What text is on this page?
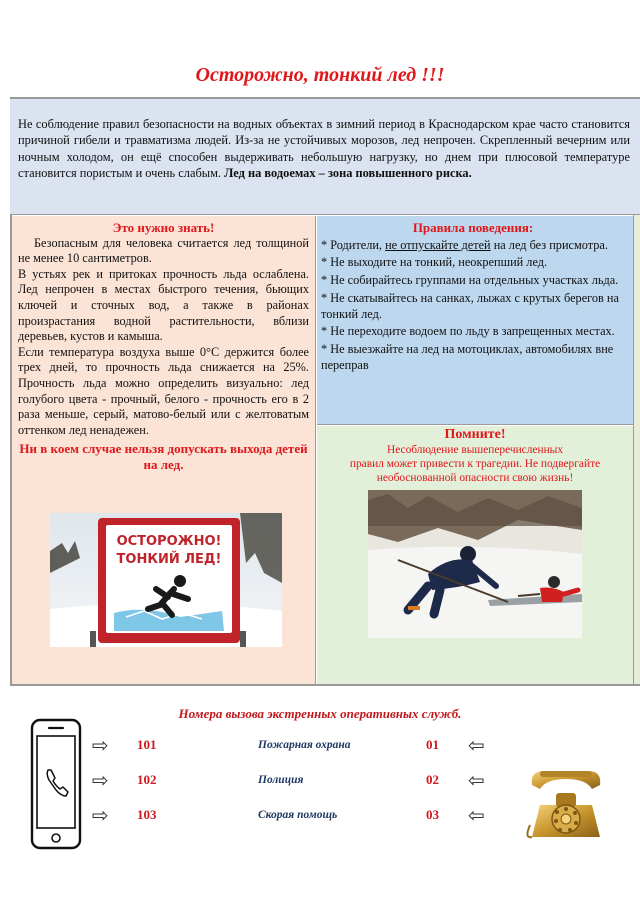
Осторожно, тонкий лед !!!
Не соблюдение правил безопасности на водных объектах в зимний период в Краснодарском крае часто становится причиной гибели и травматизма людей. Из-за не устойчивых морозов, лед непрочен. Скрепленный вечерним или ночным холодом, он ещё способен выдерживать небольшую нагрузку, но днем при плюсовой температуре становится пористым и очень слабым. Лед на водоемах – зона повышенного риска.
Это нужно знать!
Безопасным для человека считается лед толщиной не менее 10 сантиметров.
В устьях рек и притоках прочность льда ослаблена. Лед непрочен в местах быстрого течения, бьющих ключей и сточных вод, а также в районах произрастания водной растительности, вблизи деревьев, кустов и камыша.
Если температура воздуха выше 0°С держится более трех дней, то прочность льда снижается на 25%. Прочность льда можно определить визуально: лед голубого цвета - прочный, белого - прочность его в 2 раза меньше, серый, матово-белый или с желтоватым оттенком лед ненадежен.
Ни в коем случае нельзя допускать выхода детей на лед.
ОСТОРОЖНО!
ТОНКИЙ ЛЕД!
Правила поведения:
* Родители, не отпускайте детей на лед без присмотра.
* Не выходите на тонкий, неокрепший лед.
* Не собирайтесь группами на отдельных участках льда.
* Не скатывайтесь на санках, лыжах с крутых берегов на тонкий лед.
* Не переходите водоем по льду в запрещенных местах.
* Не выезжайте на лед на мотоциклах, автомобилях вне переправ
Помните!
Несоблюдение вышеперечисленных
правил может привести к трагедии. Не подвергайте
необоснованной опасности свою жизнь!
Номера вызова экстренных оперативных служб.
⇨
⇨
⇨
101
102
103
Пожарная охрана
Полиция
Скорая помощь
01
02
03
⇦
⇦
⇦
